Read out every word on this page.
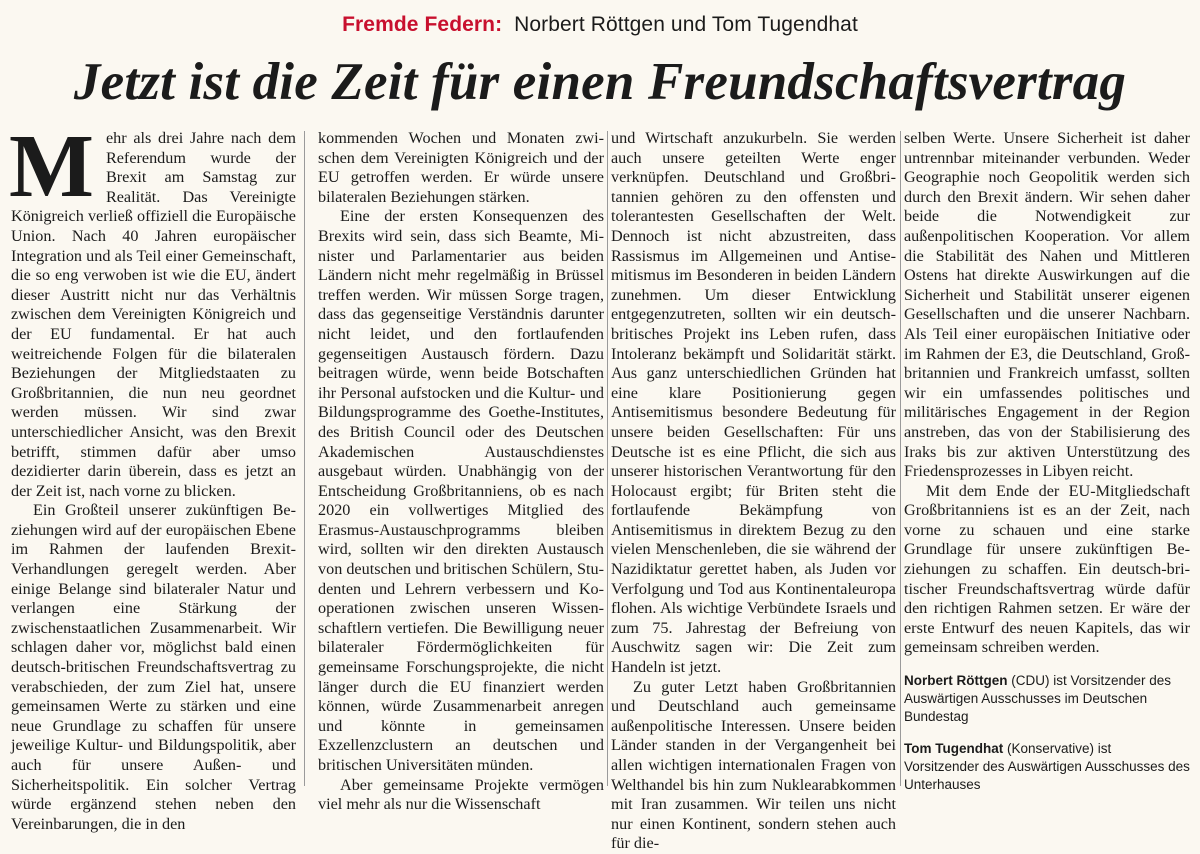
Fremde Federn: Norbert Röttgen und Tom Tugendhat
Jetzt ist die Zeit für einen Freundschaftsvertrag

Mehr als drei Jahre nach dem Referendum wurde der Brexit am Samstag zur Realität. Das Vereinigte Königreich verließ offiziell die Europäische Union. Nach 40 Jahren europäischer Integration und als Teil einer Gemeinschaft, die so eng verwoben ist wie die EU, ändert dieser Austritt nicht nur das Verhältnis zwischen dem Vereinigten Königreich und der EU fundamental. Er hat auch weitreichende Folgen für die bilateralen Beziehungen der Mitgliedstaaten zu Großbritannien, die nun neu geordnet werden müssen. Wir sind zwar unterschiedlicher Ansicht, was den Brexit betrifft, stimmen dafür aber umso dezidierter darin überein, dass es jetzt an der Zeit ist, nach vorne zu blicken.

Ein Großteil unserer zukünftigen Beziehungen wird auf der europäischen Ebene im Rahmen der laufenden Brexit-Verhandlungen geregelt werden. Aber einige Belange sind bilateraler Natur und verlangen eine Stärkung der zwischenstaatlichen Zusammenarbeit. Wir schlagen daher vor, möglichst bald einen deutsch-britischen Freundschaftsvertrag zu verabschieden, der zum Ziel hat, unsere gemeinsamen Werte zu stärken und eine neue Grundlage zu schaffen für unsere jeweilige Kultur- und Bildungspolitik, aber auch für unsere Außen- und Sicherheitspolitik. Ein solcher Vertrag würde ergänzend stehen neben den Vereinbarungen, die in den

kommenden Wochen und Monaten zwischen dem Vereinigten Königreich und der EU getroffen werden. Er würde unsere bilateralen Beziehungen stärken.

Eine der ersten Konsequenzen des Brexits wird sein, dass sich Beamte, Minister und Parlamentarier aus beiden Ländern nicht mehr regelmäßig in Brüssel treffen werden. Wir müssen Sorge tragen, dass das gegenseitige Verständnis darunter nicht leidet, und den fortlaufenden gegenseitigen Austausch fördern. Dazu beitragen würde, wenn beide Botschaften ihr Personal aufstocken und die Kultur- und Bildungsprogramme des Goethe-Institutes, des British Council oder des Deutschen Akademischen Austauschdienstes ausgebaut würden. Unabhängig von der Entscheidung Großbritanniens, ob es nach 2020 ein vollwertiges Mitglied des Erasmus-Austauschprogramms bleiben wird, sollten wir den direkten Austausch von deutschen und britischen Schülern, Studenten und Lehrern verbessern und Kooperationen zwischen unseren Wissenschaftlern vertiefen. Die Bewilligung neuer bilateraler Fördermöglichkeiten für gemeinsame Forschungsprojekte, die nicht länger durch die EU finanziert werden können, würde Zusammenarbeit anregen und könnte in gemeinsamen Exzellenzclustern an deutschen und britischen Universitäten münden.

Aber gemeinsame Projekte vermögen viel mehr als nur die Wissenschaft

und Wirtschaft anzukurbeln. Sie werden auch unsere geteilten Werte enger verknüpfen. Deutschland und Großbritannien gehören zu den offensten und tolerantesten Gesellschaften der Welt. Dennoch ist nicht abzustreiten, dass Rassismus im Allgemeinen und Antisemitismus im Besonderen in beiden Ländern zunehmen. Um dieser Entwicklung entgegenzutreten, sollten wir ein deutsch-britisches Projekt ins Leben rufen, dass Intoleranz bekämpft und Solidarität stärkt. Aus ganz unterschiedlichen Gründen hat eine klare Positionierung gegen Antisemitismus besondere Bedeutung für unsere beiden Gesellschaften: Für uns Deutsche ist es eine Pflicht, die sich aus unserer historischen Verantwortung für den Holocaust ergibt; für Briten steht die fortlaufende Bekämpfung von Antisemitismus in direktem Bezug zu den vielen Menschenleben, die sie während der Nazidiktatur gerettet haben, als Juden vor Verfolgung und Tod aus Kontinentaleuropa flohen. Als wichtige Verbündete Israels und zum 75. Jahrestag der Befreiung von Auschwitz sagen wir: Die Zeit zum Handeln ist jetzt.

Zu guter Letzt haben Großbritannien und Deutschland auch gemeinsame außenpolitische Interessen. Unsere beiden Länder standen in der Vergangenheit bei allen wichtigen internationalen Fragen von Welthandel bis hin zum Nuklearabkommen mit Iran zusammen. Wir teilen uns nicht nur einen Kontinent, sondern stehen auch für die-

selben Werte. Unsere Sicherheit ist daher untrennbar miteinander verbunden. Weder Geographie noch Geopolitik werden sich durch den Brexit ändern. Wir sehen daher beide die Notwendigkeit zur außenpolitischen Kooperation. Vor allem die Stabilität des Nahen und Mittleren Ostens hat direkte Auswirkungen auf die Sicherheit und Stabilität unserer eigenen Gesellschaften und die unserer Nachbarn. Als Teil einer europäischen Initiative oder im Rahmen der E3, die Deutschland, Großbritannien und Frankreich umfasst, sollten wir ein umfassendes politisches und militärisches Engagement in der Region anstreben, das von der Stabilisierung des Iraks bis zur aktiven Unterstützung des Friedensprozesses in Libyen reicht.

Mit dem Ende der EU-Mitgliedschaft Großbritanniens ist es an der Zeit, nach vorne zu schauen und eine starke Grundlage für unsere zukünftigen Beziehungen zu schaffen. Ein deutsch-britischer Freundschaftsvertrag würde dafür den richtigen Rahmen setzen. Er wäre der erste Entwurf des neuen Kapitels, das wir gemeinsam schreiben werden.

Norbert Röttgen (CDU) ist Vorsitzender des Auswärtigen Ausschusses im Deutschen Bundestag

Tom Tugendhat (Konservative) ist Vorsitzender des Auswärtigen Ausschusses des Unterhauses
